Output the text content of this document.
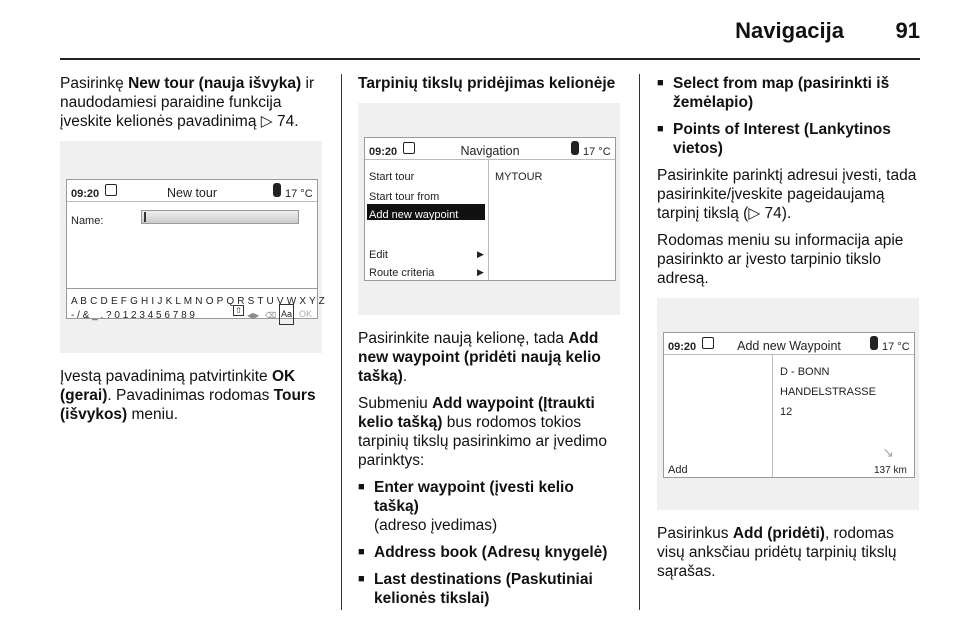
Navigacija 91

Pasirinkę New tour (nauja išvyka) ir naudodamiesi paraidine funkcija įveskite kelionės pavadinimą ▷ 74.

09:20	New tour	17 °C
Name:
A B C D E F G H I J K L M N O P Q R S T U V W X Y Z
- / & _ . ? 0 1 2 3 4 5 6 7 8 9	⇧
◀▶ ⌫ Aa OK

Įvestą pavadinimą patvirtinkite OK (gerai). Pavadinimas rodomas Tours (išvykos) meniu.

Tarpinių tikslų pridėjimas kelionėje
09:20	Navigation	17 °C
Start tour
Start tour from
Add new waypoint
Edit	▶
Route criteria	▶
MYTOUR

Pasirinkite naują kelionę, tada Add new waypoint (pridėti naują kelio tašką).

Submeniu Add waypoint (Įtraukti kelio tašką) bus rodomos tokios tarpinių tikslų pasirinkimo ar įvedimo parinktys:

■ Enter waypoint (įvesti kelio tašką)
(adreso įvedimas)
■ Address book (Adresų knygelė)
■ Last destinations (Paskutiniai kelionės tikslai)
■ Select from map (pasirinkti iš žemėlapio)
■ Points of Interest (Lankytinos vietos)

Pasirinkite parinktį adresui įvesti, tada pasirinkite/įveskite pageidaujamą tarpinį tikslą (▷ 74).

Rodomas meniu su informacija apie pasirinkto ar įvesto tarpinio tikslo adresą.

09:20	Add new Waypoint	17 °C
D - BONN
HANDELSTRASSE
12
Add
↘
137 km

Pasirinkus Add (pridėti), rodomas visų anksčiau pridėtų tarpinių tikslų sąrašas.
